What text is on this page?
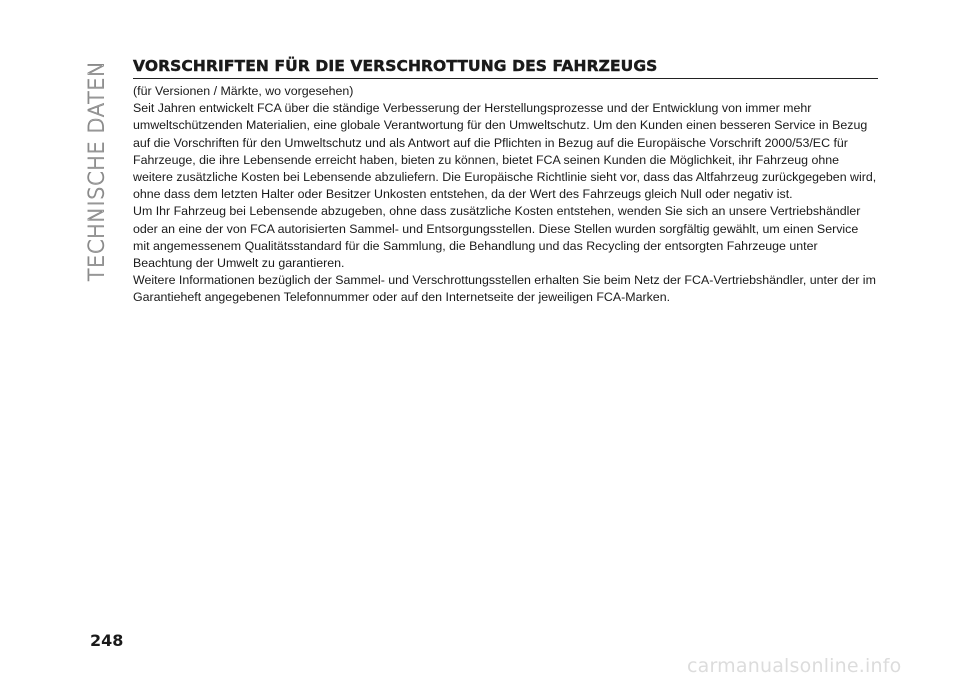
TECHNISCHE DATEN VORSCHRIFTEN FÜR DIE VERSCHROTTUNG DES FAHRZEUGS

(für Versionen / Märkte, wo vorgesehen)

Seit Jahren entwickelt FCA über die ständige Verbesserung der Herstellungsprozesse und der Entwicklung von immer mehr umweltschützenden Materialien, eine globale Verantwortung für den Umweltschutz. Um den Kunden einen besseren Service in Bezug auf die Vorschriften für den Umweltschutz und als Antwort auf die Pflichten in Bezug auf die Europäische Vorschrift 2000/53/EC für Fahrzeuge, die ihre Lebensende erreicht haben, bieten zu können, bietet FCA seinen Kunden die Möglichkeit, ihr Fahrzeug ohne weitere zusätzliche Kosten bei Lebensende abzuliefern. Die Europäische Richtlinie sieht vor, dass das Altfahrzeug zurückgegeben wird, ohne dass dem letzten Halter oder Besitzer Unkosten entstehen, da der Wert des Fahrzeugs gleich Null oder negativ ist.

Um Ihr Fahrzeug bei Lebensende abzugeben, ohne dass zusätzliche Kosten entstehen, wenden Sie sich an unsere Vertriebshändler oder an eine der von FCA autorisierten Sammel- und Entsorgungsstellen. Diese Stellen wurden sorgfältig gewählt, um einen Service mit angemessenem Qualitätsstandard für die Sammlung, die Behandlung und das Recycling der entsorgten Fahrzeuge unter Beachtung der Umwelt zu garantieren.

Weitere Informationen bezüglich der Sammel- und Verschrottungsstellen erhalten Sie beim Netz der FCA-Vertriebshändler, unter der im Garantieheft angegebenen Telefonnummer oder auf den Internetseite der jeweiligen FCA-Marken.

248
carmanualsonline.info
